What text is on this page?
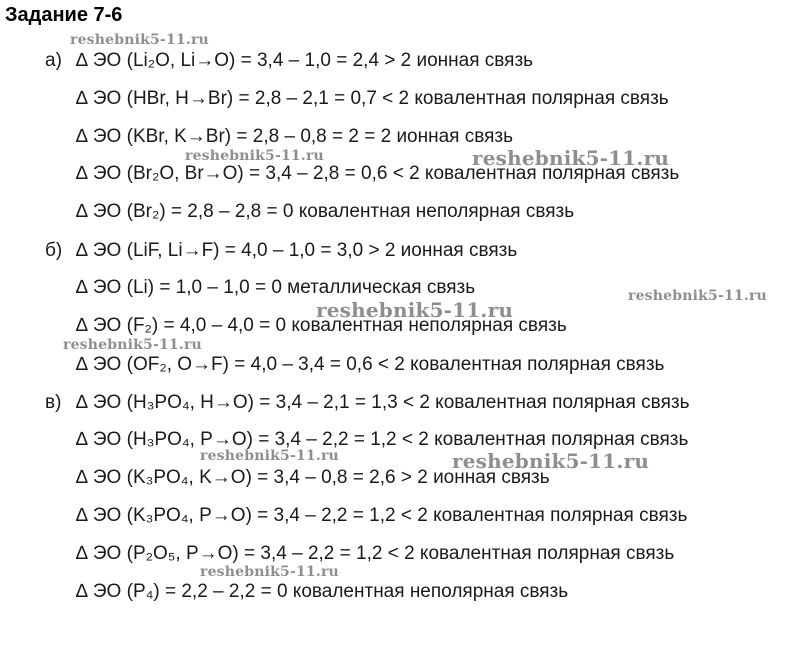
Задание 7-6
а)
б)
в)
∆ ЭО (Li₂O, Li→O) = 3,4 – 1,0 = 2,4 > 2 ионная связь
∆ ЭО (HBr, H→Br) = 2,8 – 2,1 = 0,7 < 2 ковалентная полярная связь
∆ ЭО (KBr, K→Br) = 2,8 – 0,8 = 2 = 2 ионная связь
∆ ЭО (Br₂O, Br→O) = 3,4 – 2,8 = 0,6 < 2 ковалентная полярная связь
∆ ЭО (Br₂) = 2,8 – 2,8 = 0 ковалентная неполярная связь
∆ ЭО (LiF, Li→F) = 4,0 – 1,0 = 3,0 > 2 ионная связь
∆ ЭО (Li) = 1,0 – 1,0 = 0 металлическая связь
∆ ЭО (F₂) = 4,0 – 4,0 = 0 ковалентная неполярная связь
∆ ЭО (OF₂, O→F) = 4,0 – 3,4 = 0,6 < 2 ковалентная полярная связь
∆ ЭО (H₃PO₄, H→O) = 3,4 – 2,1 = 1,3 < 2 ковалентная полярная связь
∆ ЭО (H₃PO₄, P→O) = 3,4 – 2,2 = 1,2 < 2 ковалентная полярная связь
∆ ЭО (K₃PO₄, K→O) = 3,4 – 0,8 = 2,6 > 2 ионная связь
∆ ЭО (K₃PO₄, P→O) = 3,4 – 2,2 = 1,2 < 2 ковалентная полярная связь
∆ ЭО (P₂O₅, P→O) = 3,4 – 2,2 = 1,2 < 2 ковалентная полярная связь
∆ ЭО (P₄) = 2,2 – 2,2 = 0 ковалентная неполярная связь
reshebnik5-11.ru
reshebnik5-11.ru	reshebnik5-11.ru
reshebnik5-11.ru
reshebnik5-11.ru
reshebnik5-11.ru
reshebnik5-11.ru	reshebnik5-11.ru
reshebnik5-11.ru
